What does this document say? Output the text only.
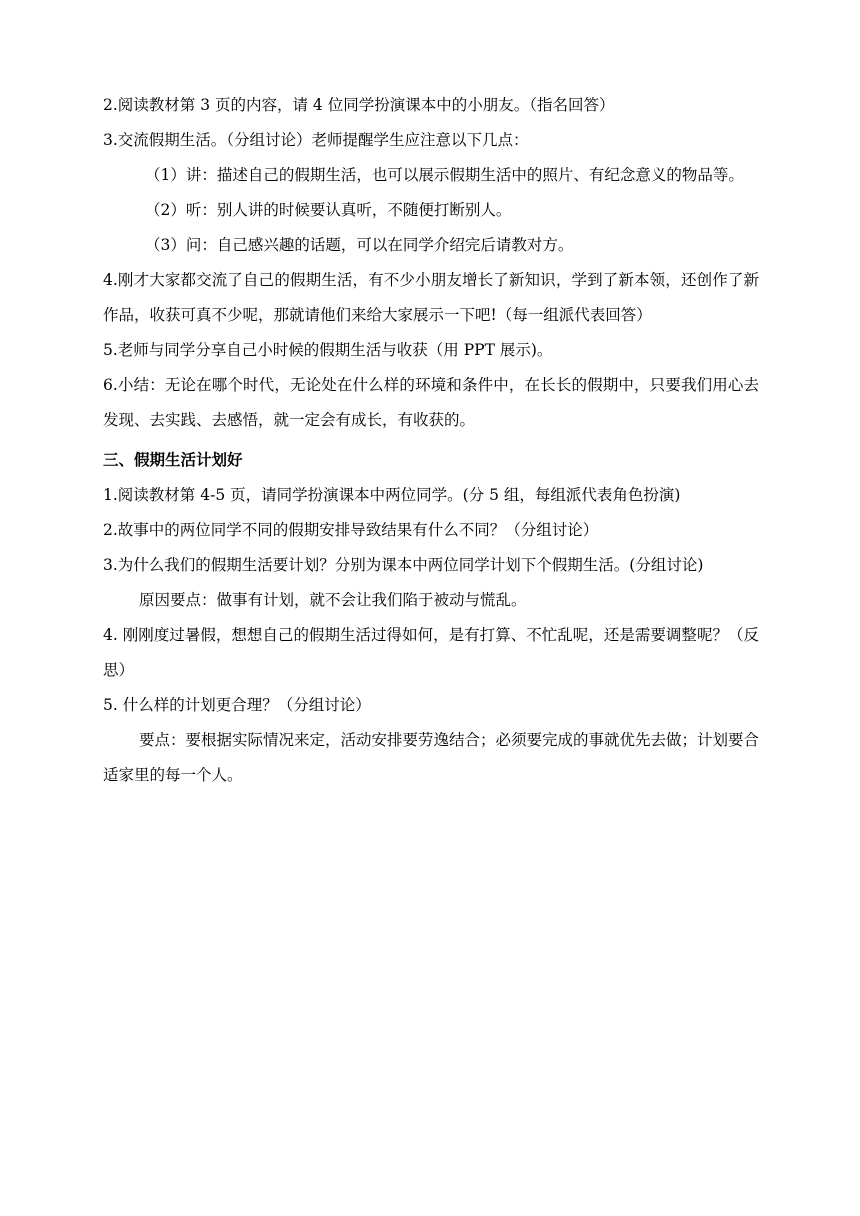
2.阅读教材第 3 页的内容，请 4 位同学扮演课本中的小朋友。（指名回答）

3.交流假期生活。（分组讨论）老师提醒学生应注意以下几点：

（1）讲：描述自己的假期生活，也可以展示假期生活中的照片、有纪念意义的物品等。

（2）听：别人讲的时候要认真听，不随便打断别人。

（3）问：自己感兴趣的话题，可以在同学介绍完后请教对方。

4.刚才大家都交流了自己的假期生活，有不少小朋友增长了新知识，学到了新本领，还创作了新作品，收获可真不少呢，那就请他们来给大家展示一下吧!（每一组派代表回答）

5.老师与同学分享自己小时候的假期生活与收获（用 PPT 展示)。

6.小结：无论在哪个时代，无论处在什么样的环境和条件中，在长长的假期中，只要我们用心去发现、去实践、去感悟，就一定会有成长，有收获的。

三、假期生活计划好

1.阅读教材第 4-5 页，请同学扮演课本中两位同学。(分 5 组，每组派代表角色扮演)

2.故事中的两位同学不同的假期安排导致结果有什么不同？（分组讨论）

3.为什么我们的假期生活要计划？分别为课本中两位同学计划下个假期生活。(分组讨论)

原因要点：做事有计划，就不会让我们陷于被动与慌乱。

4. 刚刚度过暑假，想想自己的假期生活过得如何，是有打算、不忙乱呢，还是需要调整呢？（反思）

5. 什么样的计划更合理？（分组讨论）

要点：要根据实际情况来定，活动安排要劳逸结合；必须要完成的事就优先去做；计划要合适家里的每一个人。
